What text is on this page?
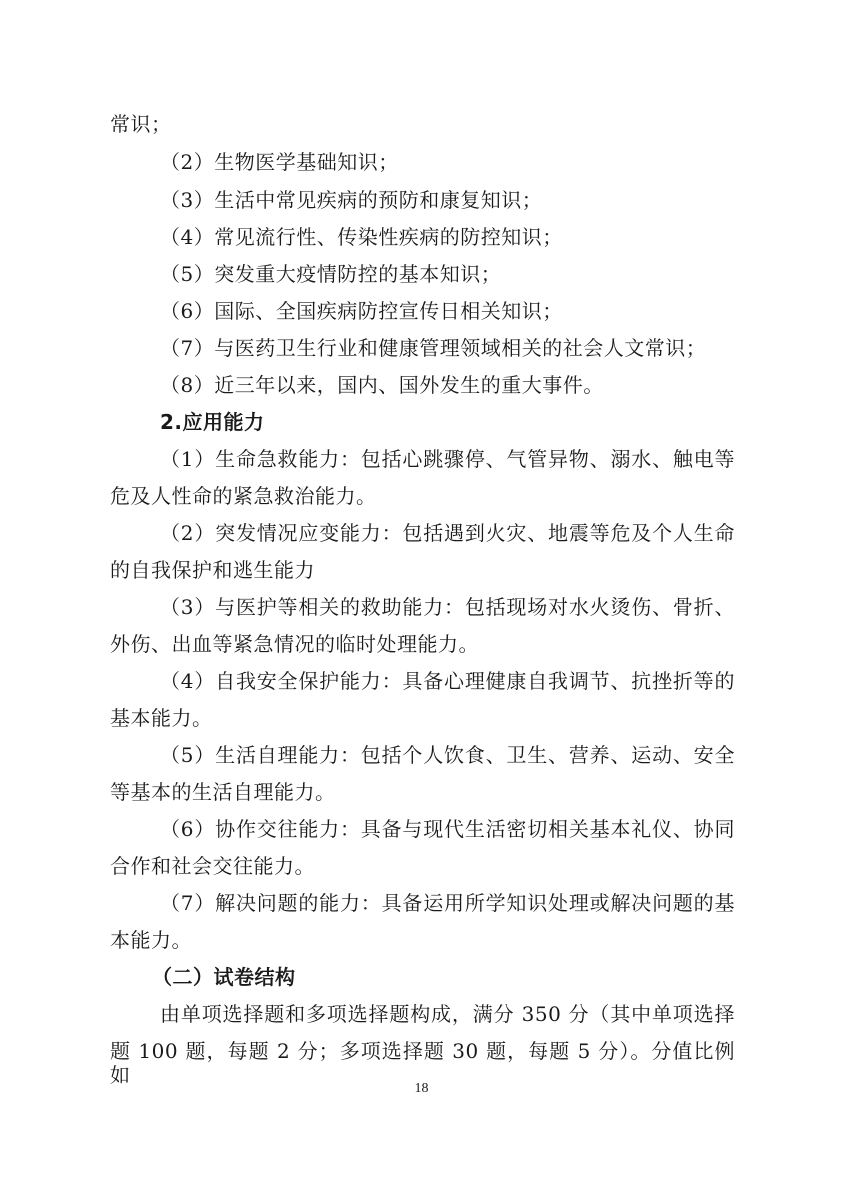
常识；
（2）生物医学基础知识；
（3）生活中常见疾病的预防和康复知识；
（4）常见流行性、传染性疾病的防控知识；
（5）突发重大疫情防控的基本知识；
（6）国际、全国疾病防控宣传日相关知识；
（7）与医药卫生行业和健康管理领域相关的社会人文常识；
（8）近三年以来，国内、国外发生的重大事件。
2.应用能力
（1）生命急救能力：包括心跳骤停、气管异物、溺水、触电等
危及人性命的紧急救治能力。
（2）突发情况应变能力：包括遇到火灾、地震等危及个人生命
的自我保护和逃生能力
（3）与医护等相关的救助能力：包括现场对水火烫伤、骨折、
外伤、出血等紧急情况的临时处理能力。
（4）自我安全保护能力：具备心理健康自我调节、抗挫折等的
基本能力。
（5）生活自理能力：包括个人饮食、卫生、营养、运动、安全
等基本的生活自理能力。
（6）协作交往能力：具备与现代生活密切相关基本礼仪、协同
合作和社会交往能力。
（7）解决问题的能力：具备运用所学知识处理或解决问题的基
本能力。
（二）试卷结构
由单项选择题和多项选择题构成，满分 350 分（其中单项选择
题 100 题，每题 2 分；多项选择题 30 题，每题 5 分）。分值比例如
18
